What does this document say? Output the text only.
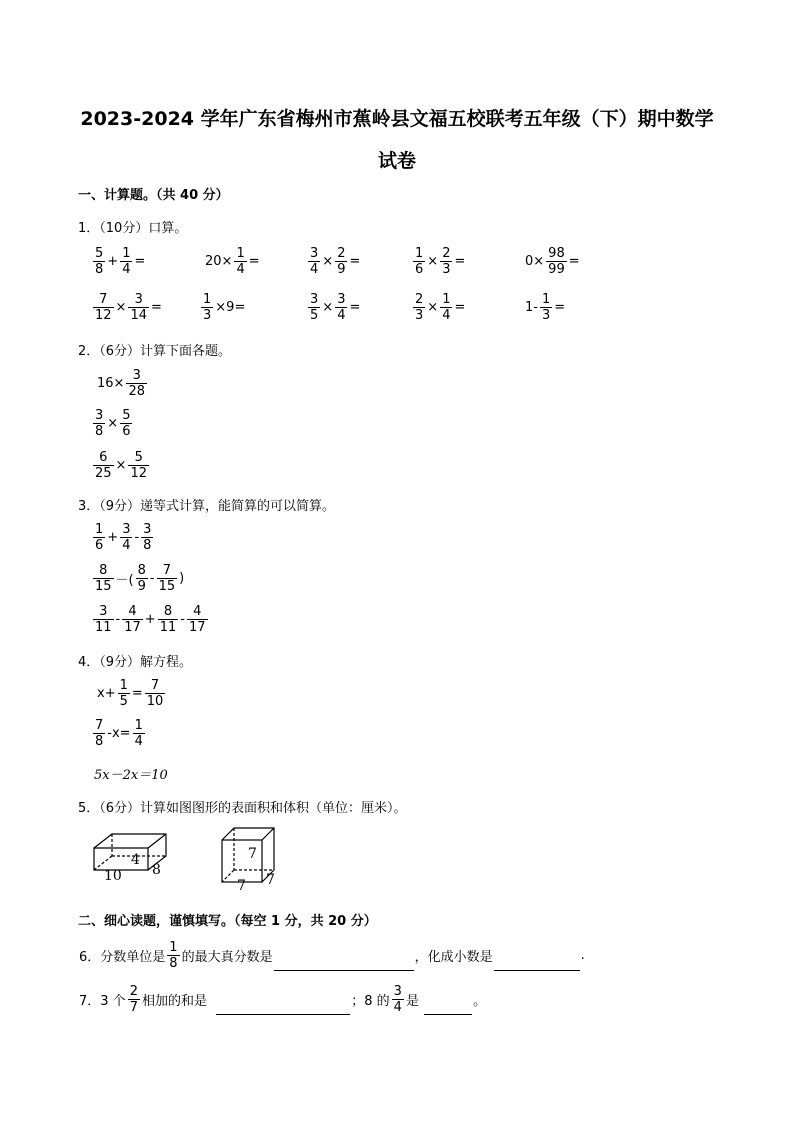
2023-2024 学年广东省梅州市蕉岭县文福五校联考五年级（下）期中数学
试卷
一、计算题。（共 40 分）
1．（10分）口算。
$\frac{5}{8} + \frac{1}{4}$ =	$20\times \frac{1}{4}$ =	$\frac{3}{4} \times \frac{2}{9}$ =	$\frac{1}{6} \times \frac{2}{3}$ =	$0\times \frac{98}{99}$ =
$\frac{7}{12} \times \frac{3}{14}$ =	$\frac{1}{3} \times 9=$	$\frac{3}{5} \times \frac{3}{4}$ =	$\frac{2}{3} \times \frac{1}{4}$ =	$1- \frac{1}{3}$ =
2．（6分）计算下面各题。
$16\times \frac{3}{28}$
$\frac{3}{8} \times \frac{5}{6}$
$\frac{6}{25} \times \frac{5}{12}$
3．（9分）递等式计算，能简算的可以简算。
$\frac{1}{6} + \frac{3}{4} - \frac{3}{8}$
$\frac{8}{15}$ －( $\frac{8}{9} - \frac{7}{15}$ )
$\frac{3}{11} - \frac{4}{17} + \frac{8}{11} - \frac{4}{17}$
4．（9分）解方程。
$x+ \frac{1}{5} = \frac{7}{10}$
$\frac{7}{8} -x= \frac{1}{4}$
5x－2x＝10
5．（6分）计算如图图形的表面积和体积（单位：厘米）。
10 8
4	7
7 7
二、细心读题，谨慎填写。（每空 1 分，共 20 分）
6．分数单位是 $\frac{1}{8}$ 的最大真分数是	，化成小数是	.
7．3 个 $\frac{2}{7}$ 相加的和是	；8 的 $\frac{3}{4}$ 是	。
